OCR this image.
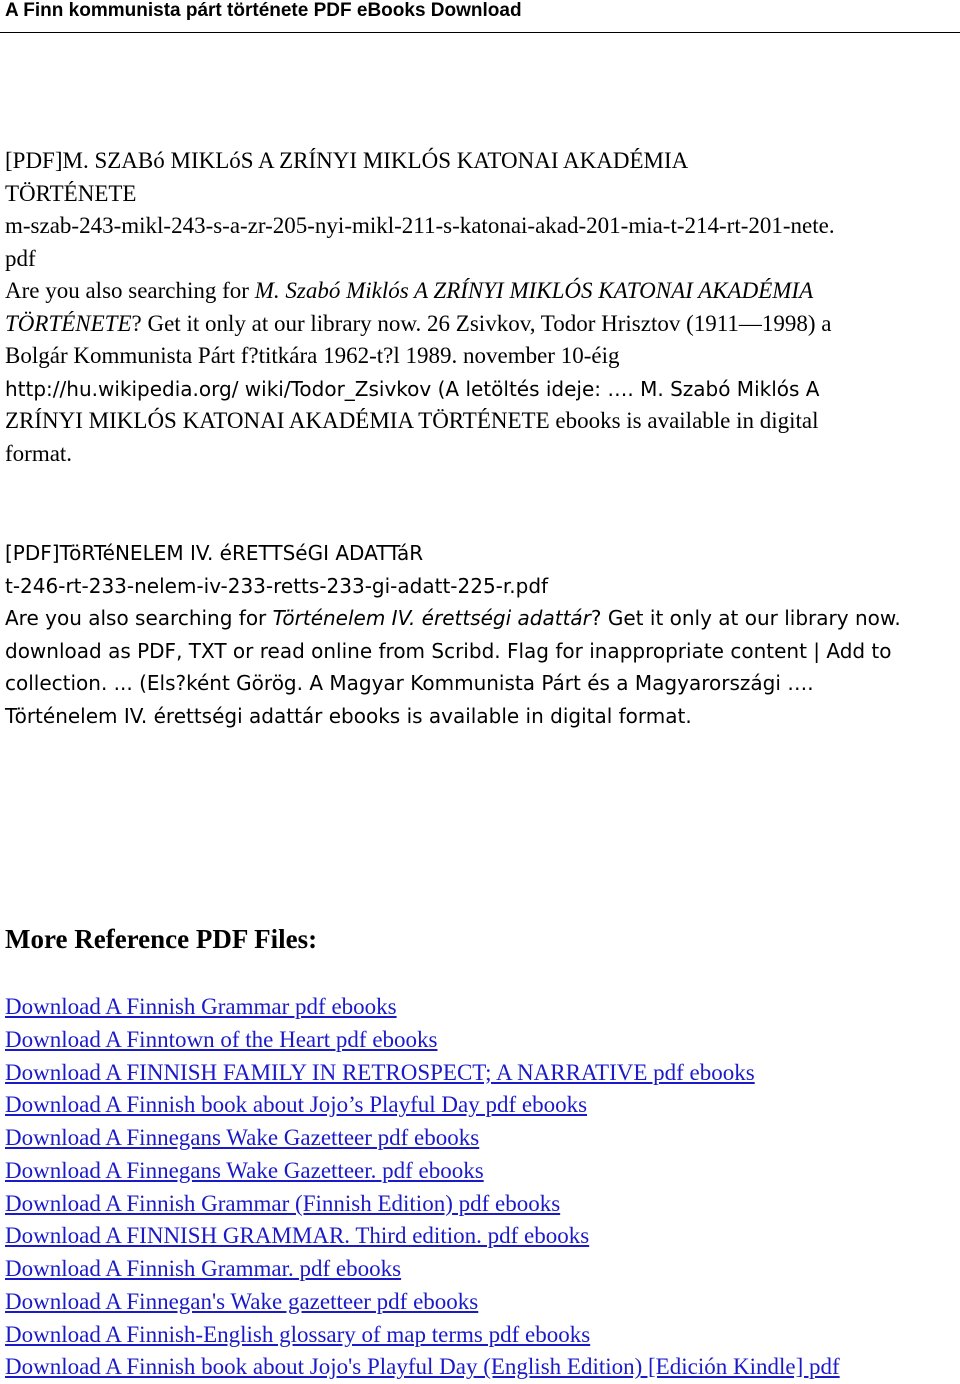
A Finn kommunista párt története PDF eBooks Download
[PDF]M. SZABó MIKLóS A ZRÍNYI MIKLÓS KATONAI AKADÉMIA
TÖRTÉNETE
m-szab-243-mikl-243-s-a-zr-205-nyi-mikl-211-s-katonai-akad-201-mia-t-214-rt-201-nete.
pdf
Are you also searching for M. Szabó Miklós A ZRÍNYI MIKLÓS KATONAI AKADÉMIA
TÖRTÉNETE? Get it only at our library now. 26 Zsivkov, Todor Hrisztov (1911—1998) a
Bolgár Kommunista Párt f?titkára 1962-t?l 1989. november 10-éig
http://hu.wikipedia.org/ wiki/Todor_Zsivkov (A letöltés ideje: …. M. Szabó Miklós A
ZRÍNYI MIKLÓS KATONAI AKADÉMIA TÖRTÉNETE ebooks is available in digital
format.
[PDF]TöRTéNELEM IV. éRETTSéGI ADATTáR
t-246-rt-233-nelem-iv-233-retts-233-gi-adatt-225-r.pdf
Are you also searching for Történelem IV. érettségi adattár? Get it only at our library now.
download as PDF, TXT or read online from Scribd. Flag for inappropriate content | Add to
collection. ... (Els?ként Görög. A Magyar Kommunista Párt és a Magyarországi ….
Történelem IV. érettségi adattár ebooks is available in digital format.
More Reference PDF Files:
Download A Finnish Grammar pdf ebooks
Download A Finntown of the Heart pdf ebooks
Download A FINNISH FAMILY IN RETROSPECT; A NARRATIVE pdf ebooks
Download A Finnish book about Jojo’s Playful Day pdf ebooks
Download A Finnegans Wake Gazetteer pdf ebooks
Download A Finnegans Wake Gazetteer. pdf ebooks
Download A Finnish Grammar (Finnish Edition) pdf ebooks
Download A FINNISH GRAMMAR. Third edition. pdf ebooks
Download A Finnish Grammar. pdf ebooks
Download A Finnegan's Wake gazetteer pdf ebooks
Download A Finnish-English glossary of map terms pdf ebooks
Download A Finnish book about Jojo's Playful Day (English Edition) [Edición Kindle] pdf
